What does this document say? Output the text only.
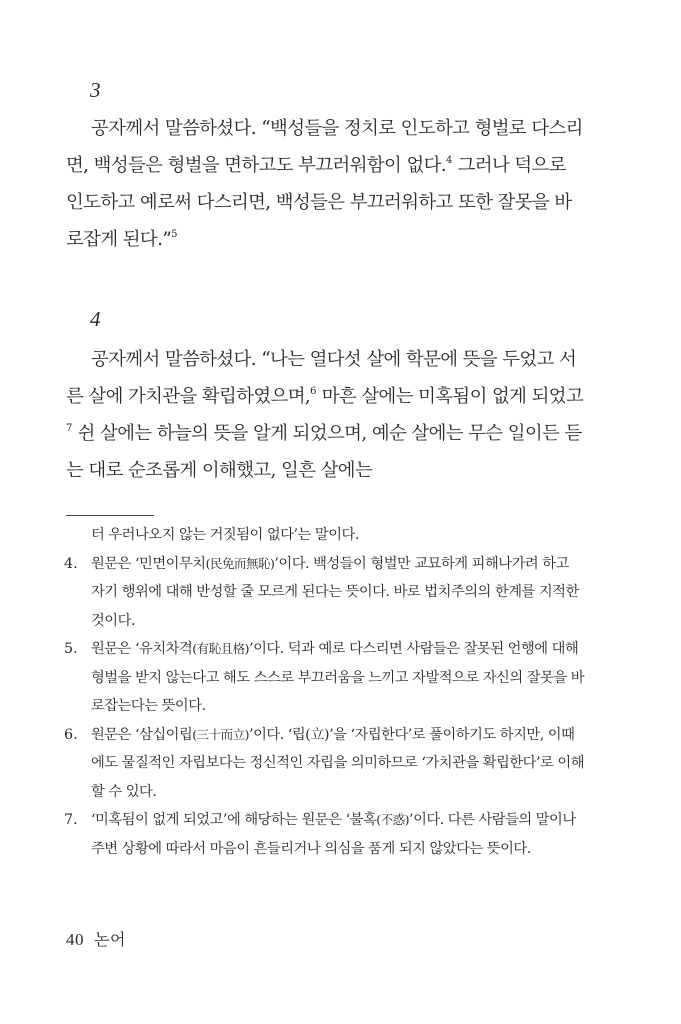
3

공자께서 말씀하셨다. “백성들을 정치로 인도하고 형벌로 다스리면, 백성들은 형벌을 면하고도 부끄러워함이 없다.$^4$ 그러나 덕으로 인도하고 예로써 다스리면, 백성들은 부끄러워하고 또한 잘못을 바로잡게 된다.”$^5$

4

공자께서 말씀하셨다. “나는 열다섯 살에 학문에 뜻을 두었고 서른 살에 가치관을 확립하였으며,$^6$ 마흔 살에는 미혹됨이 없게 되었고$^7$ 쉰 살에는 하늘의 뜻을 알게 되었으며, 예순 살에는 무슨 일이든 듣는 대로 순조롭게 이해했고, 일흔 살에는

터 우러나오지 않는 거짓됨이 없다’는 말이다.
4. 원문은 ‘민면이무치(民免而無恥)’이다. 백성들이 형벌만 교묘하게 피해나가려 하고 자기 행위에 대해 반성할 줄 모르게 된다는 뜻이다. 바로 법치주의의 한계를 지적한 것이다.
5. 원문은 ‘유치차격(有恥且格)’이다. 덕과 예로 다스리면 사람들은 잘못된 언행에 대해 형벌을 받지 않는다고 해도 스스로 부끄러움을 느끼고 자발적으로 자신의 잘못을 바로잡는다는 뜻이다.
6. 원문은 ‘삼십이립(三十而立)’이다. ‘립(立)’을 ‘자립한다’로 풀이하기도 하지만, 이때에도 물질적인 자립보다는 정신적인 자립을 의미하므로 ‘가치관을 확립한다’로 이해할 수 있다.
7. ‘미혹됨이 없게 되었고’에 해당하는 원문은 ‘불혹(不惑)’이다. 다른 사람들의 말이나 주변 상황에 따라서 마음이 흔들리거나 의심을 품게 되지 않았다는 뜻이다.
40 논어
